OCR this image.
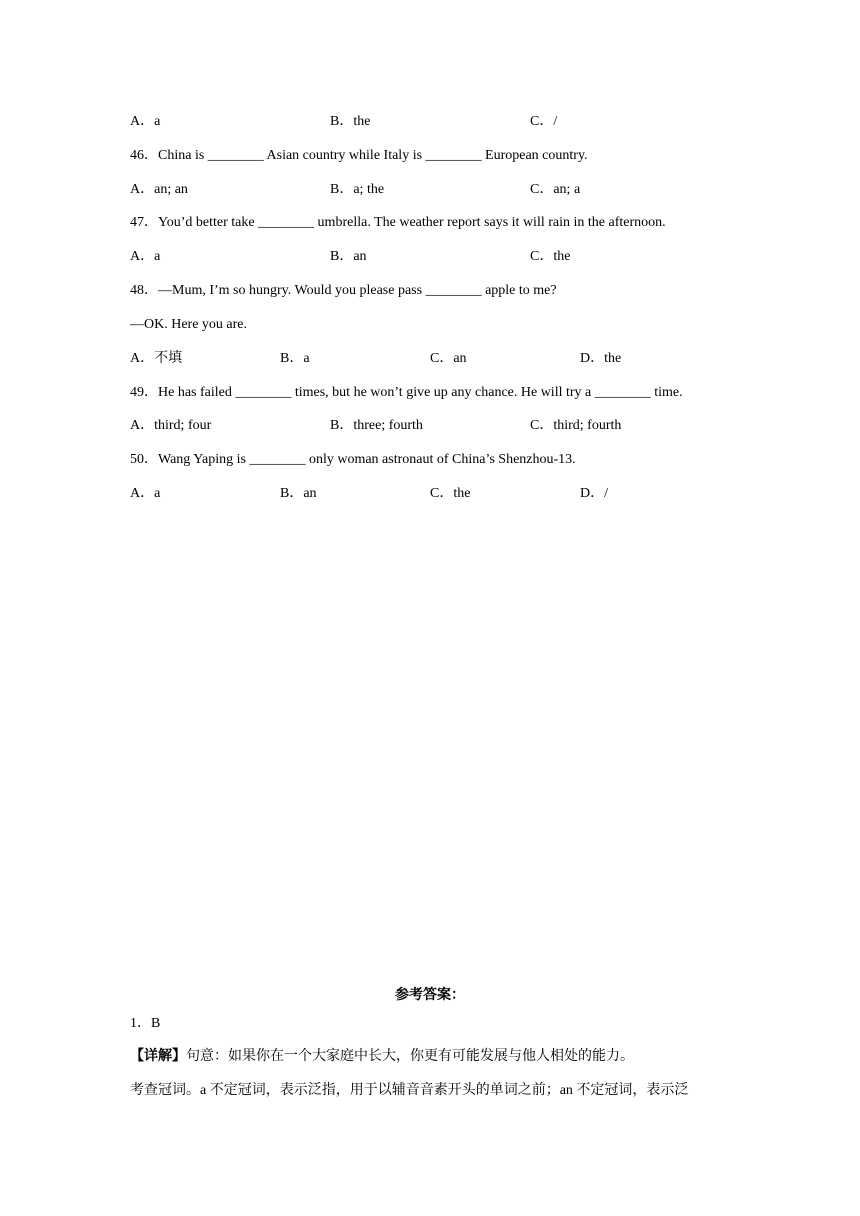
A．a	B．the	C．/
46．China is ________ Asian country while Italy is ________ European country.
A．an; an	B．a; the	C．an; a
47．You’d better take ________ umbrella. The weather report says it will rain in the afternoon.
A．a	B．an	C．the
48．—Mum, I’m so hungry. Would you please pass ________ apple to me?
—OK. Here you are.
A．不填	B．a	C．an	D．the
49．He has failed ________ times, but he won’t give up any chance. He will try a ________ time.
A．third; four	B．three; fourth	C．third; fourth
50．Wang Yaping is ________ only woman astronaut of China’s Shenzhou-13.
A．a	B．an	C．the	D．/
参考答案：
1．B
【详解】句意：如果你在一个大家庭中长大，你更有可能发展与他人相处的能力。
考查冠词。a 不定冠词，表示泛指，用于以辅音音素开头的单词之前；an 不定冠词，表示泛
